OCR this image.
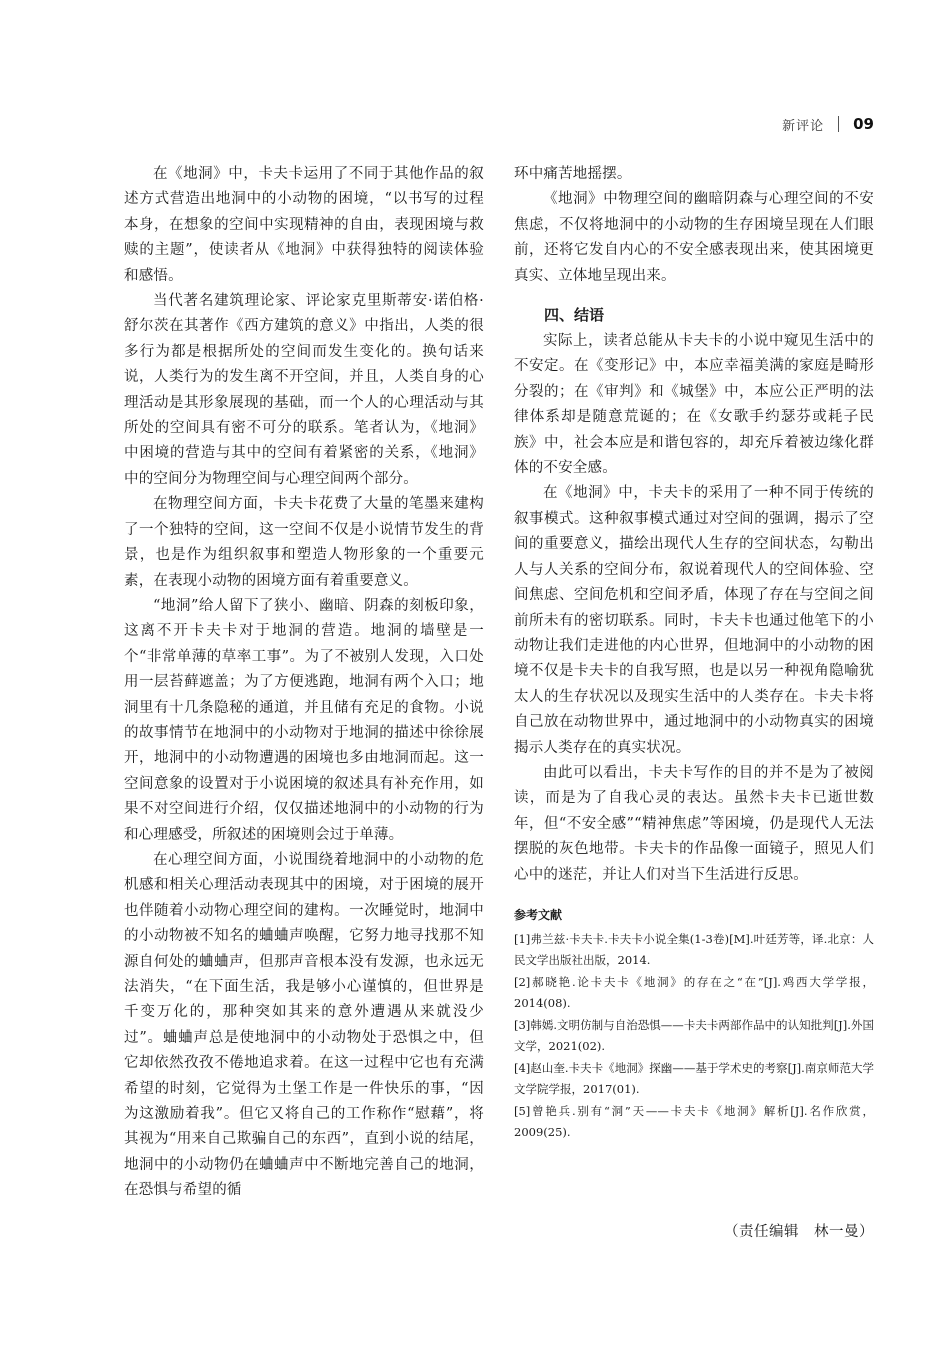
新评论 09

在《地洞》中，卡夫卡运用了不同于其他作品的叙述方式营造出地洞中的小动物的困境，“以书写的过程本身，在想象的空间中实现精神的自由，表现困境与救赎的主题”，使读者从《地洞》中获得独特的阅读体验和感悟。

当代著名建筑理论家、评论家克里斯蒂安·诺伯格·舒尔茨在其著作《西方建筑的意义》中指出，人类的很多行为都是根据所处的空间而发生变化的。换句话来说，人类行为的发生离不开空间，并且，人类自身的心理活动是其形象展现的基础，而一个人的心理活动与其所处的空间具有密不可分的联系。笔者认为，《地洞》中困境的营造与其中的空间有着紧密的关系，《地洞》中的空间分为物理空间与心理空间两个部分。

在物理空间方面，卡夫卡花费了大量的笔墨来建构了一个独特的空间，这一空间不仅是小说情节发生的背景，也是作为组织叙事和塑造人物形象的一个重要元素，在表现小动物的困境方面有着重要意义。

“地洞”给人留下了狭小、幽暗、阴森的刻板印象，这离不开卡夫卡对于地洞的营造。地洞的墙壁是一个“非常单薄的草率工事”。为了不被别人发现，入口处用一层苔藓遮盖；为了方便逃跑，地洞有两个入口；地洞里有十几条隐秘的通道，并且储有充足的食物。小说的故事情节在地洞中的小动物对于地洞的描述中徐徐展开，地洞中的小动物遭遇的困境也多由地洞而起。这一空间意象的设置对于小说困境的叙述具有补充作用，如果不对空间进行介绍，仅仅描述地洞中的小动物的行为和心理感受，所叙述的困境则会过于单薄。

在心理空间方面，小说围绕着地洞中的小动物的危机感和相关心理活动表现其中的困境，对于困境的展开也伴随着小动物心理空间的建构。一次睡觉时，地洞中的小动物被不知名的蛐蛐声唤醒，它努力地寻找那不知源自何处的蛐蛐声，但那声音根本没有发源，也永远无法消失，“在下面生活，我是够小心谨慎的，但世界是千变万化的，那种突如其来的意外遭遇从来就没少过”。蛐蛐声总是使地洞中的小动物处于恐惧之中，但它却依然孜孜不倦地追求着。在这一过程中它也有充满希望的时刻，它觉得为土堡工作是一件快乐的事，“因为这激励着我”。但它又将自己的工作称作“慰藉”，将其视为“用来自己欺骗自己的东西”，直到小说的结尾，地洞中的小动物仍在蛐蛐声中不断地完善自己的地洞，在恐惧与希望的循

环中痛苦地摇摆。

《地洞》中物理空间的幽暗阴森与心理空间的不安焦虑，不仅将地洞中的小动物的生存困境呈现在人们眼前，还将它发自内心的不安全感表现出来，使其困境更真实、立体地呈现出来。

四、结语

实际上，读者总能从卡夫卡的小说中窥见生活中的不安定。在《变形记》中，本应幸福美满的家庭是畸形分裂的；在《审判》和《城堡》中，本应公正严明的法律体系却是随意荒诞的；在《女歌手约瑟芬或耗子民族》中，社会本应是和谐包容的，却充斥着被边缘化群体的不安全感。

在《地洞》中，卡夫卡的采用了一种不同于传统的叙事模式。这种叙事模式通过对空间的强调，揭示了空间的重要意义，描绘出现代人生存的空间状态，勾勒出人与人关系的空间分布，叙说着现代人的空间体验、空间焦虑、空间危机和空间矛盾，体现了存在与空间之间前所未有的密切联系。同时，卡夫卡也通过他笔下的小动物让我们走进他的内心世界，但地洞中的小动物的困境不仅是卡夫卡的自我写照，也是以另一种视角隐喻犹太人的生存状况以及现实生活中的人类存在。卡夫卡将自己放在动物世界中，通过地洞中的小动物真实的困境揭示人类存在的真实状况。

由此可以看出，卡夫卡写作的目的并不是为了被阅读，而是为了自我心灵的表达。虽然卡夫卡已逝世数年，但“不安全感”“精神焦虑”等困境，仍是现代人无法摆脱的灰色地带。卡夫卡的作品像一面镜子，照见人们心中的迷茫，并让人们对当下生活进行反思。

参考文献
[1]弗兰兹·卡夫卡.卡夫卡小说全集(1-3卷)[M].叶廷芳等，译.北京：人民文学出版社出版，2014.
[2]郝晓艳.论卡夫卡《地洞》的存在之“在”[J].鸡西大学学报，2014(08).
[3]韩嫣.文明仿制与自治恐惧——卡夫卡两部作品中的认知批判[J].外国文学，2021(02).
[4]赵山奎.卡夫卡《地洞》探幽——基于学术史的考察[J].南京师范大学文学院学报，2017(01).
[5]曾艳兵.别有“洞”天——卡夫卡《地洞》解析[J].名作欣赏，2009(25).
（责任编辑　林一曼）
